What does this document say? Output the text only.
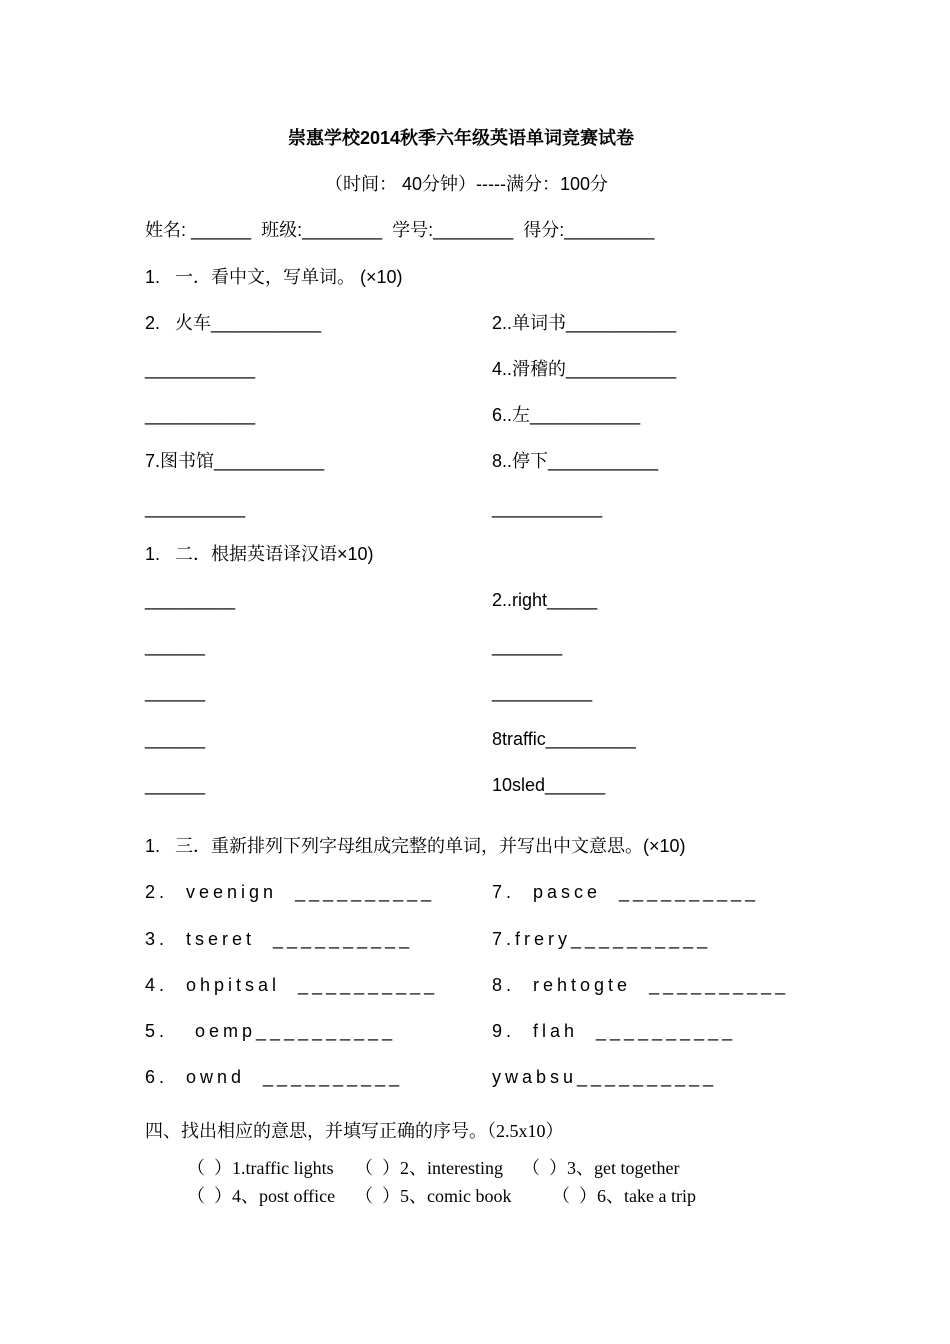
崇惠学校2014秋季六年级英语单词竞赛试卷
（时间： 40分钟）-----满分：100分
姓名: ______  班级:________  学号:________  得分:_________
1.   一．看中文，写单词。 (×10)
2.   火车___________	2..单词书___________
___________	4..滑稽的___________
___________	6..左___________
7.图书馆___________	8..停下___________
__________	___________
1.   二．根据英语译汉语×10)
_________	2..right_____
______	_______
______	__________
______	8traffic_________
______	10sled______
1.   三．重新排列下列字母组成完整的单词，并写出中文意思。(×10)
2.  veenign  __________	7.  pasce  __________
3.  tseret  __________	7.frery__________
4.  ohpitsal  __________	8.  rehtogte  __________
5.   oemp__________	9.  flah  __________
6.  ownd  __________	ywabsu__________
四、找出相应的意思，并填写正确的序号。（2.5x10）
（  ）1.traffic lights （  ）2、interesting （  ）3、get together
（  ）4、post office （  ）5、comic book （  ）6、take a trip
